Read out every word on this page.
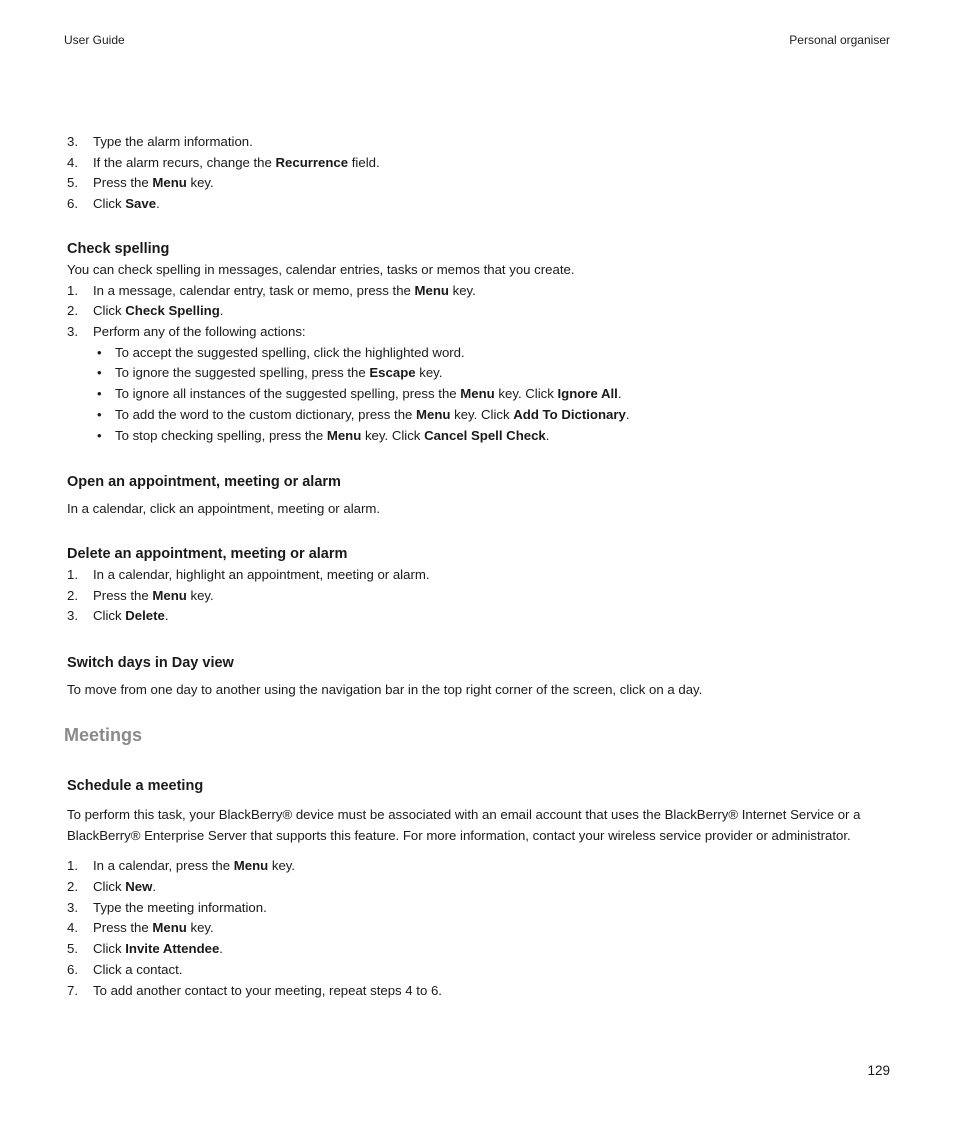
User Guide	Personal organiser
3. Type the alarm information.
4. If the alarm recurs, change the Recurrence field.
5. Press the Menu key.
6. Click Save.
Check spelling
You can check spelling in messages, calendar entries, tasks or memos that you create.
1. In a message, calendar entry, task or memo, press the Menu key.
2. Click Check Spelling.
3. Perform any of the following actions:
• To accept the suggested spelling, click the highlighted word.
• To ignore the suggested spelling, press the Escape key.
• To ignore all instances of the suggested spelling, press the Menu key. Click Ignore All.
• To add the word to the custom dictionary, press the Menu key. Click Add To Dictionary.
• To stop checking spelling, press the Menu key. Click Cancel Spell Check.
Open an appointment, meeting or alarm
In a calendar, click an appointment, meeting or alarm.
Delete an appointment, meeting or alarm
1. In a calendar, highlight an appointment, meeting or alarm.
2. Press the Menu key.
3. Click Delete.
Switch days in Day view
To move from one day to another using the navigation bar in the top right corner of the screen, click on a day.
Meetings
Schedule a meeting
To perform this task, your BlackBerry® device must be associated with an email account that uses the BlackBerry® Internet Service or a
BlackBerry® Enterprise Server that supports this feature. For more information, contact your wireless service provider or administrator.
1. In a calendar, press the Menu key.
2. Click New.
3. Type the meeting information.
4. Press the Menu key.
5. Click Invite Attendee.
6. Click a contact.
7. To add another contact to your meeting, repeat steps 4 to 6.
129
